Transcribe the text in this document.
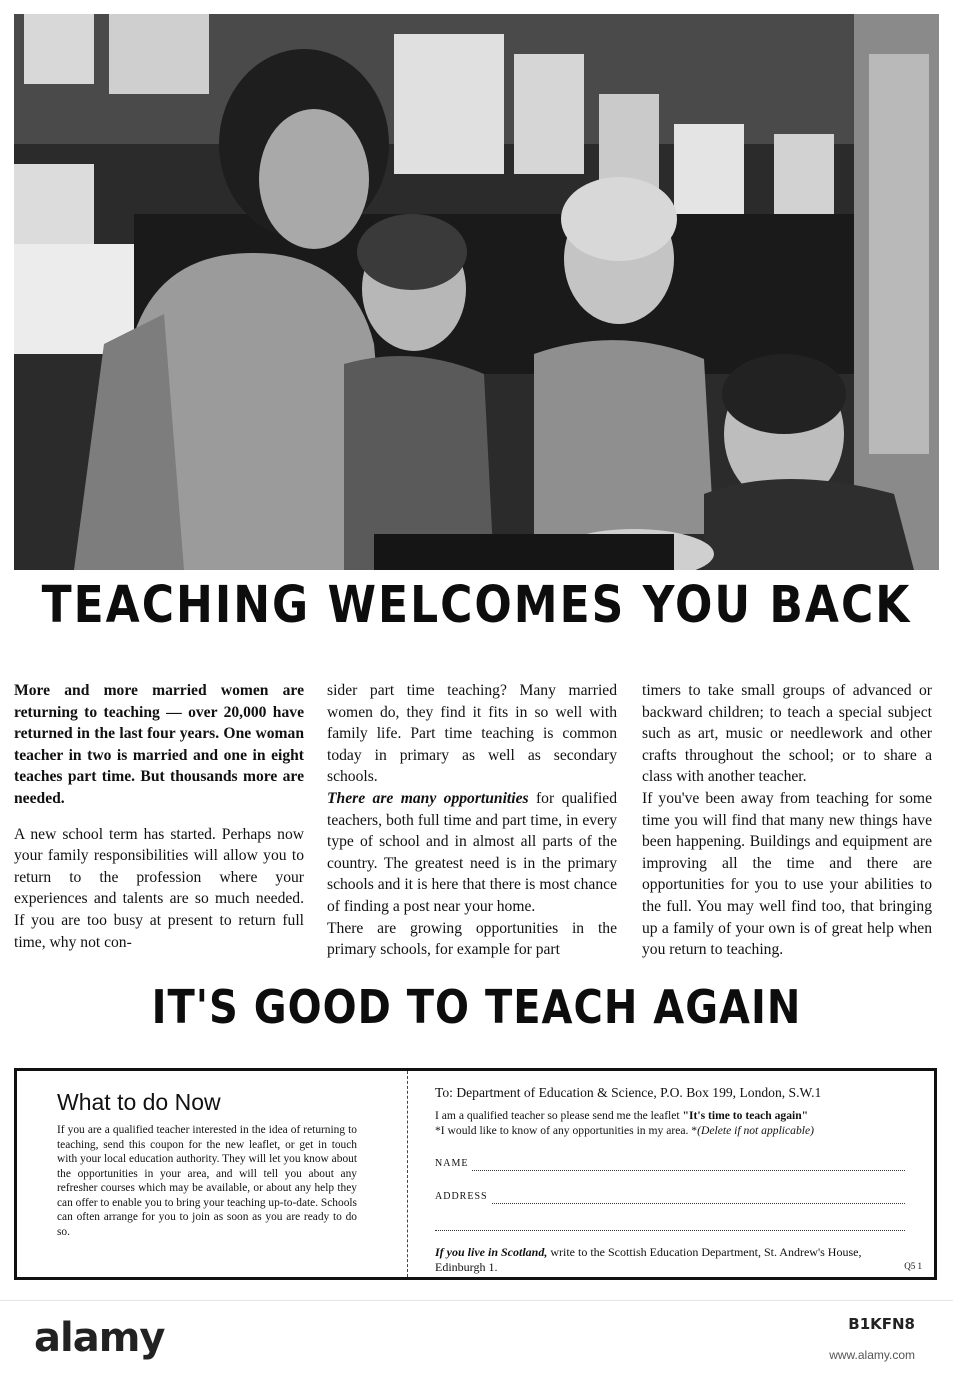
TEACHING WELCOMES YOU BACK

More and more married women are returning to teaching — over 20,000 have returned in the last four years. One woman teacher in two is married and one in eight teaches part time. But thousands more are needed.

A new school term has started. Perhaps now your family responsibilities will allow you to return to the profession where your experiences and talents are so much needed. If you are too busy at present to return full time, why not con-

sider part time teaching? Many married women do, they find it fits in so well with family life. Part time teaching is common today in primary as well as secondary schools.

There are many opportunities for qualified teachers, both full time and part time, in every type of school and in almost all parts of the country. The greatest need is in the primary schools and it is here that there is most chance of finding a post near your home.

There are growing opportunities in the primary schools, for example for part

timers to take small groups of advanced or backward children; to teach a special subject such as art, music or needlework and other crafts throughout the school; or to share a class with another teacher.

If you've been away from teaching for some time you will find that many new things have been happening. Buildings and equipment are improving all the time and there are opportunities for you to use your abilities to the full. You may well find too, that bringing up a family of your own is of great help when you return to teaching.

IT'S GOOD TO TEACH AGAIN
What to do Now
If you are a qualified teacher interested in the idea of returning to teaching, send this coupon for the new leaflet, or get in touch with your local education authority. They will let you know about the opportunities in your area, and will tell you about any refresher courses which may be available, or about any help they can offer to enable you to bring your teaching up-to-date. Schools can often arrange for you to join as soon as you are ready to do so.
To: Department of Education & Science, P.O. Box 199, London, S.W.1
I am a qualified teacher so please send me the leaflet "It's time to teach again"
*I would like to know of any opportunities in my area. *(Delete if not applicable)
NAME
ADDRESS
If you live in Scotland, write to the Scottish Education Department, St. Andrew's House, Edinburgh 1.	Q5 1
alamy	B1KFN8
www.alamy.com
